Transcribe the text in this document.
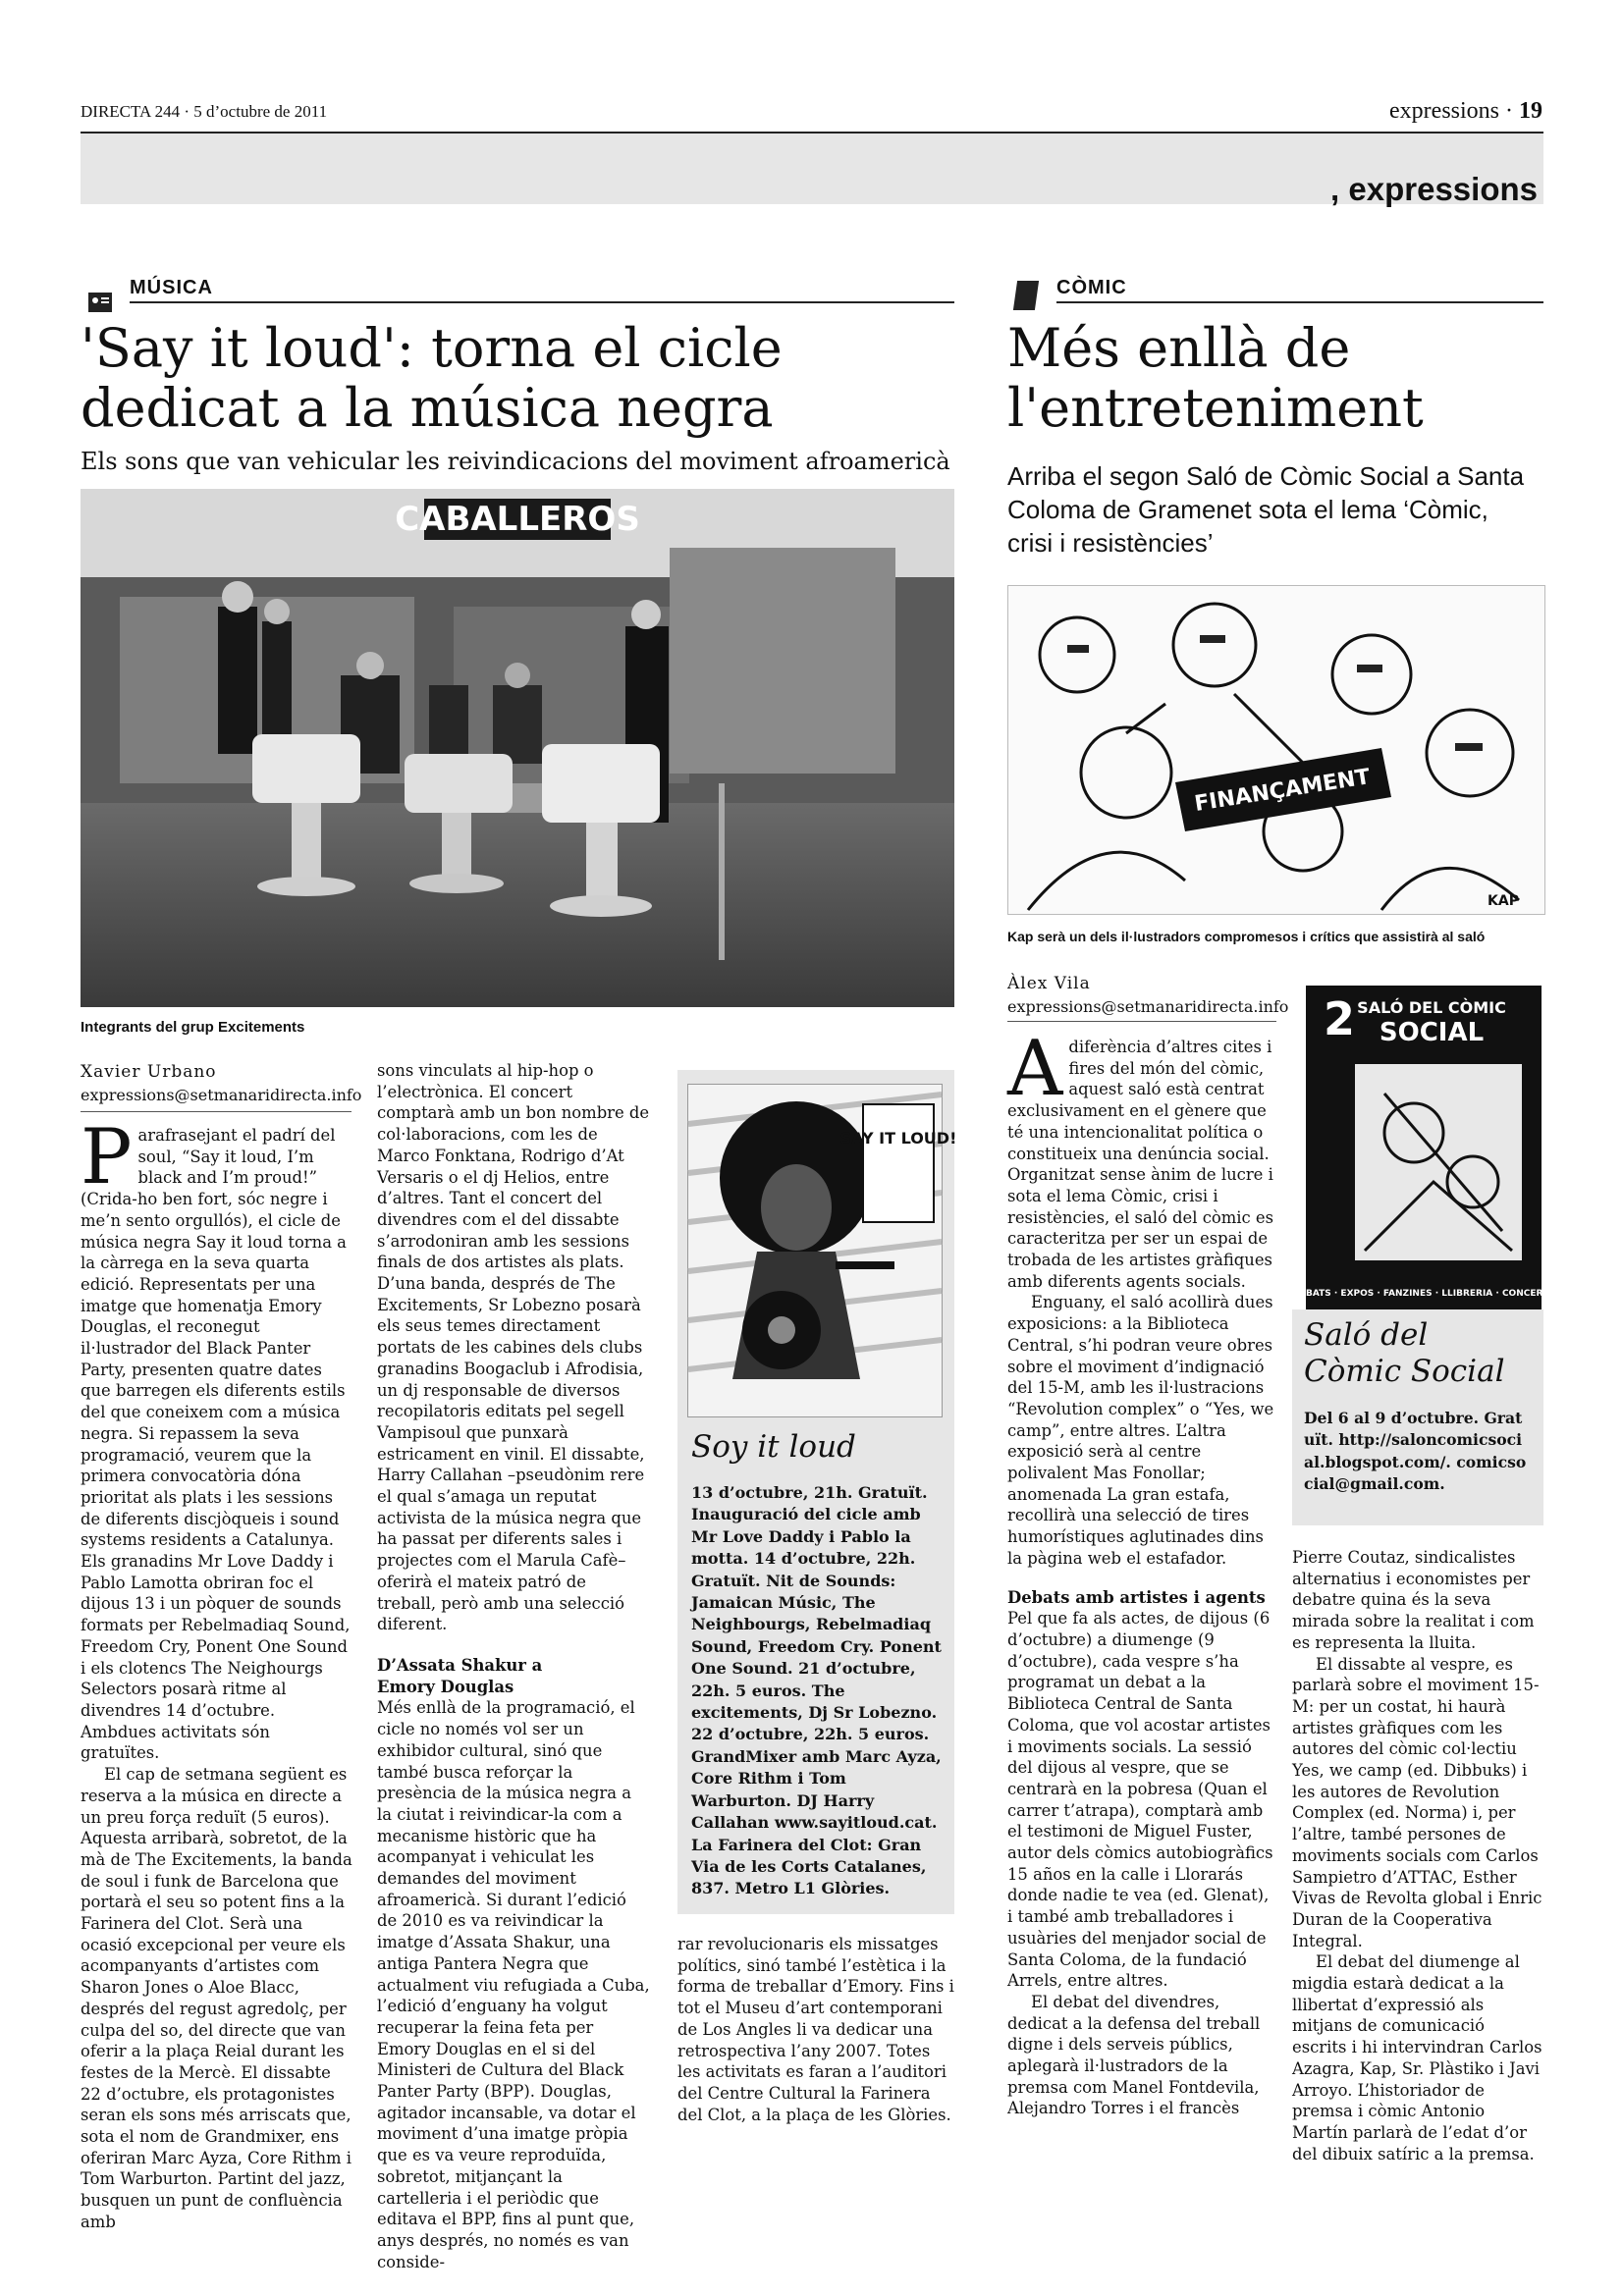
DIRECTA 244 · 5 d’octubre de 2011	expressions · 19
, expressions
MÚSICA
'Say it loud': torna el cicle
dedicat a la música negra
Els sons que van vehicular les reivindicacions del moviment afroamericà
CABALLEROS
Integrants del grup Excitements
Xavier Urbano
expressions@setmanaridirecta.info
P arafrasejant el padrí del soul, “Say it loud, I’m black and I’m proud!” (Crida-ho ben fort, sóc negre i me’n sento orgullós), el cicle de música negra Say it loud torna a la càrrega en la seva quarta edició. Representats per una imatge que homenatja Emory Douglas, el reconegut il·lustrador del Black Panter Party, presenten quatre dates que barregen els diferents estils del que coneixem com a música negra. Si repassem la seva programació, veurem que la primera convocatòria dóna prioritat als plats i les sessions de diferents discjòqueis i sound systems residents a Catalunya. Els granadins Mr Love Daddy i Pablo Lamotta obriran foc el dijous 13 i un pòquer de sounds formats per Rebelmadiaq Sound, Freedom Cry, Ponent One Sound i els clotencs The Neighourgs Selectors posarà ritme al divendres 14 d’octubre. Ambdues activitats són gratuïtes.

El cap de setmana següent es reserva a la música en directe a un preu força reduït (5 euros). Aquesta arribarà, sobretot, de la mà de The Excitements, la banda de soul i funk de Barcelona que portarà el seu so potent fins a la Farinera del Clot. Serà una ocasió excepcional per veure els acompanyants d’artistes com Sharon Jones o Aloe Blacc, després del regust agredolç, per culpa del so, del directe que van oferir a la plaça Reial durant les festes de la Mercè. El dissabte 22 d’octubre, els protagonistes seran els sons més arriscats que, sota el nom de Grandmixer, ens oferiran Marc Ayza, Core Rithm i Tom Warburton. Partint del jazz, busquen un punt de confluència amb

sons vinculats al hip-hop o l’electrònica. El concert comptarà amb un bon nombre de col·laboracions, com les de Marco Fonktana, Rodrigo d’At Versaris o el dj Helios, entre d’altres. Tant el concert del divendres com el del dissabte s’arrodoniran amb les sessions finals de dos artistes als plats. D’una banda, després de The Excitements, Sr Lobezno posarà els seus temes directament portats de les cabines dels clubs granadins Boogaclub i Afrodisia, un dj responsable de diversos recopilatoris editats pel segell Vampisoul que punxarà estricament en vinil. El dissabte, Harry Callahan –pseudònim rere el qual s’amaga un reputat activista de la música negra que ha passat per diferents sales i projectes com el Marula Cafè– oferirà el mateix patró de treball, però amb una selecció diferent.

D’Assata Shakur a Emory Douglas

Més enllà de la programació, el cicle no només vol ser un exhibidor cultural, sinó que també busca reforçar la presència de la música negra a la ciutat i reivindicar-la com a mecanisme històric que ha acompanyat i vehiculat les demandes del moviment afroamericà. Si durant l’edició de 2010 es va reivindicar la imatge d’Assata Shakur, una antiga Pantera Negra que actualment viu refugiada a Cuba, l’edició d’enguany ha volgut recuperar la feina feta per Emory Douglas en el si del Ministeri de Cultura del Black Panter Party (BPP). Douglas, agitador incansable, va dotar el moviment d’una imatge pròpia que es va veure reproduïda, sobretot, mitjançant la cartelleria i el periòdic que editava el BPP, fins al punt que, anys després, no només es van conside-

SAY IT LOUD!
Soy it loud
13 d’octubre, 21h. Gratuït. Inauguració del cicle amb Mr Love Daddy i Pablo la motta. 14 d’octubre, 22h. Gratuït. Nit de Sounds: Jamaican Músic, The Neighbourgs, Rebelmadiaq Sound, Freedom Cry. Ponent One Sound. 21 d’octubre, 22h. 5 euros. The excitements, Dj Sr Lobezno. 22 d’octubre, 22h. 5 euros. GrandMixer amb Marc Ayza, Core Rithm i Tom Warburton. DJ Harry Callahan www.sayitloud.cat. La Farinera del Clot: Gran Via de les Corts Catalanes, 837. Metro L1 Glòries.

rar revolucionaris els missatges polítics, sinó també l’estètica i la forma de treballar d’Emory. Fins i tot el Museu d’art contemporani de Los Angles li va dedicar una retrospectiva l’any 2007. Totes les activitats es faran a l’auditori del Centre Cultural la Farinera del Clot, a la plaça de les Glòries.

CÒMIC
Més enllà de
l'entreteniment
Arriba el segon Saló de Còmic Social a Santa Coloma de Gramenet sota el lema ‘Còmic, crisi i resistències’
FINANÇAMENT
KAP
Kap serà un dels il·lustradors compromesos i crítics que assistirà al saló
Àlex Vila
expressions@setmanaridirecta.info
A diferència d’altres cites i fires del món del còmic, aquest saló està centrat exclusivament en el gènere que té una intencionalitat política o constitueix una denúncia social. Organitzat sense ànim de lucre i sota el lema Còmic, crisi i resistències, el saló del còmic es caracteritza per ser un espai de trobada de les artistes gràfiques amb diferents agents socials.

Enguany, el saló acollirà dues exposicions: a la Biblioteca Central, s’hi podran veure obres sobre el moviment d’indignació del 15-M, amb les il·lustracions “Revolution complex” o “Yes, we camp”, entre altres. L’altra exposició serà al centre polivalent Mas Fonollar; anomenada La gran estafa, recollirà una selecció de tires humorístiques aglutinades dins la pàgina web el estafador.

Debats amb artistes i agents

Pel que fa als actes, de dijous (6 d’octubre) a diumenge (9 d’octubre), cada vespre s’ha programat un debat a la Biblioteca Central de Santa Coloma, que vol acostar artistes i moviments socials. La sessió del dijous al vespre, que se centrarà en la pobresa (Quan el carrer t’atrapa), comptarà amb el testimoni de Miguel Fuster, autor dels còmics autobiogràfics 15 años en la calle i Llorarás donde nadie te vea (ed. Glenat), i també amb treballadores i usuàries del menjador social de Santa Coloma, de la fundació Arrels, entre altres.

El debat del divendres, dedicat a la defensa del treball digne i dels serveis públics, aplegarà il·lustradors de la premsa com Manel Fontdevila, Alejandro Torres i el francès

2 SALÓ DEL CÒMIC
SOCIAL
DEBATS · EXPOS · FANZINES · LLIBRERIA · CONCERTS
Saló del
Còmic Social
Del 6 al 9 d’octubre. Gratuït. http://saloncomicsocial.blogspot.com/. comicsocial@gmail.com.

Pierre Coutaz, sindicalistes alternatius i economistes per debatre quina és la seva mirada sobre la realitat i com es representa la lluita.

El dissabte al vespre, es parlarà sobre el moviment 15-M: per un costat, hi haurà artistes gràfiques com les autores del còmic col·lectiu Yes, we camp (ed. Dibbuks) i les autores de Revolution Complex (ed. Norma) i, per l’altre, també persones de moviments socials com Carlos Sampietro d’ATTAC, Esther Vivas de Revolta global i Enric Duran de la Cooperativa Integral.

El debat del diumenge al migdia estarà dedicat a la llibertat d’expressió als mitjans de comunicació escrits i hi intervindran Carlos Azagra, Kap, Sr. Plàstiko i Javi Arroyo. L’historiador de premsa i còmic Antonio Martín parlarà de l’edat d’or del dibuix satíric a la premsa.
